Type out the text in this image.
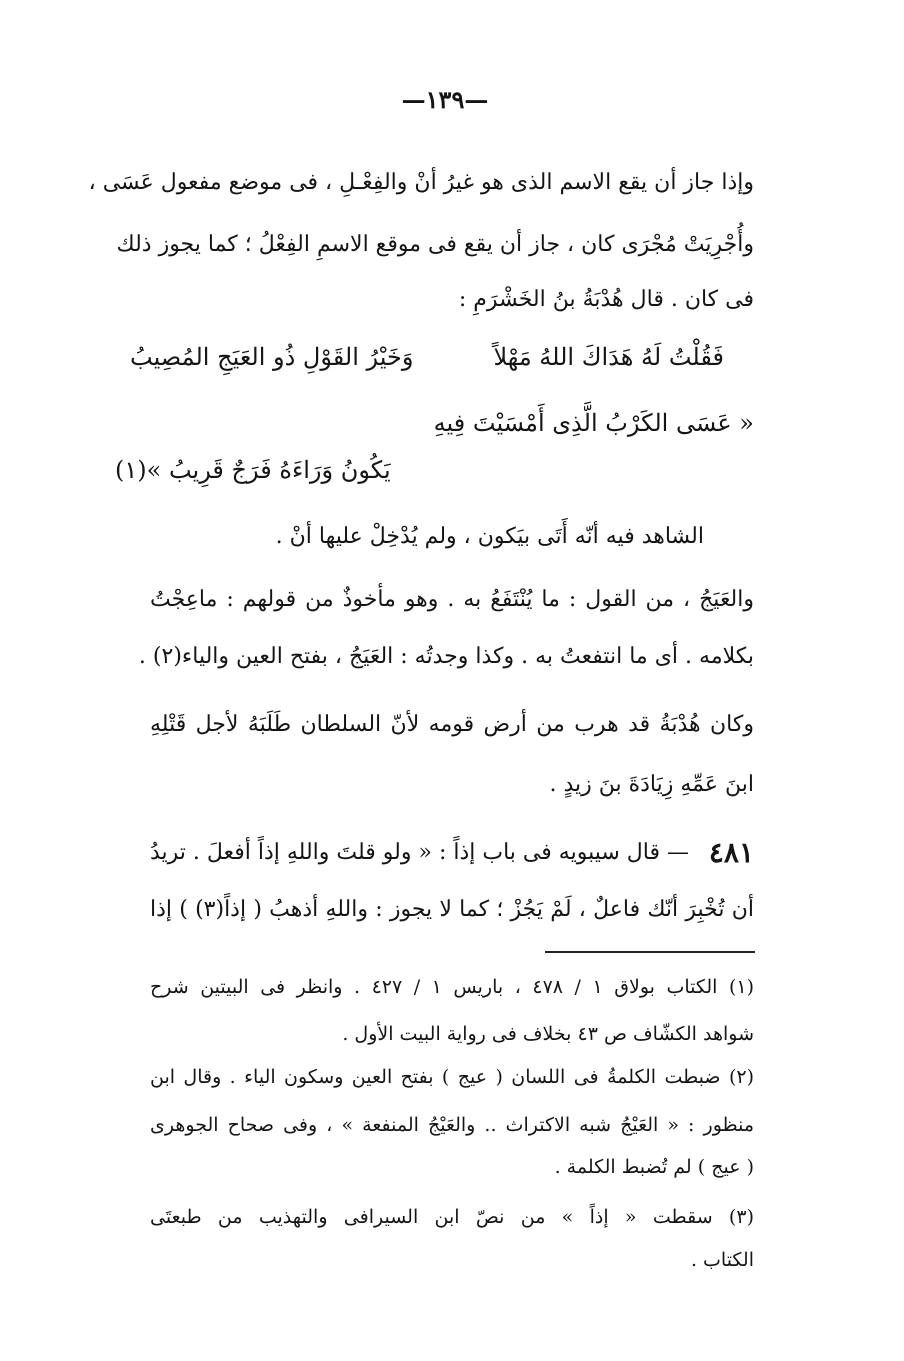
—١٣٩—
وإذا جاز أن يقع الاسم الذى هو غيرُ أنْ والفِعْـلِ ، فى موضع مفعول عَسَى ،
وأُجْرِيَتْ مُجْرَى كان ، جاز أن يقع فى موقع الاسمِ الفِعْلُ ؛ كما يجوز ذلك
فى كان . قال هُدْبَةُ بنُ الخَشْرَمِ :
فَقُلْتُ لَهُ هَدَاكَ اللهُ مَهْلاً
وَخَيْرُ القَوْلِ ذُو العَيَجِ المُصِيبُ
« عَسَى الكَرْبُ الَّذِى أَمْسَيْتَ فِيهِ
يَكُونُ وَرَاءَهُ فَرَجٌ قَرِيبُ »(١)
الشاهد فيه أنّه أَتَى بيَكون ، ولم يُدْخِلْ عليها أنْ .
والعَيَجُ ، من القول : ما يُنْتَفَعُ به . وهو مأخوذٌ من قولهم : ماعِجْتُ
بكلامه . أى ما انتفعتُ به . وكذا وجدتُه : العَيَجُ ، بفتح العين والياء(٢) .
وكان هُدْبَةُ قد هرب من أرض قومه لأنّ السلطان طَلَبَهُ لأجل قَتْلِهِ
ابنَ عَمِّهِ زِيَادَةَ بنَ زيدٍ .
٤٨١
— قال سيبويه فى باب إذاً : « ولو قلتَ واللهِ إذاً أفعلَ . تريدُ
أن تُخْبِرَ أنّك فاعلٌ ، لَمْ يَجُزْ ؛ كما لا يجوز : واللهِ أذهبُ ( إذاً(٣) ) إذا
(١) الكتاب بولاق ١ / ٤٧٨ ، باريس ١ / ٤٢٧ . وانظر فى البيتين شرح
شواهد الكشّاف ص ٤٣ بخلاف فى رواية البيت الأول .
(٢) ضبطت الكلمةُ فى اللسان ( عيج ) بفتح العين وسكون الياء . وقال ابن
منظور : « العَيْجُ شبه الاكتراث .. والعَيْجُ المنفعة » ، وفى صحاح الجوهرى
( عيج ) لم تُضبط الكلمة .
(٣) سقطت « إذاً » من نصّ ابن السيرافى والتهذيب من طبعتَى
الكتاب .
